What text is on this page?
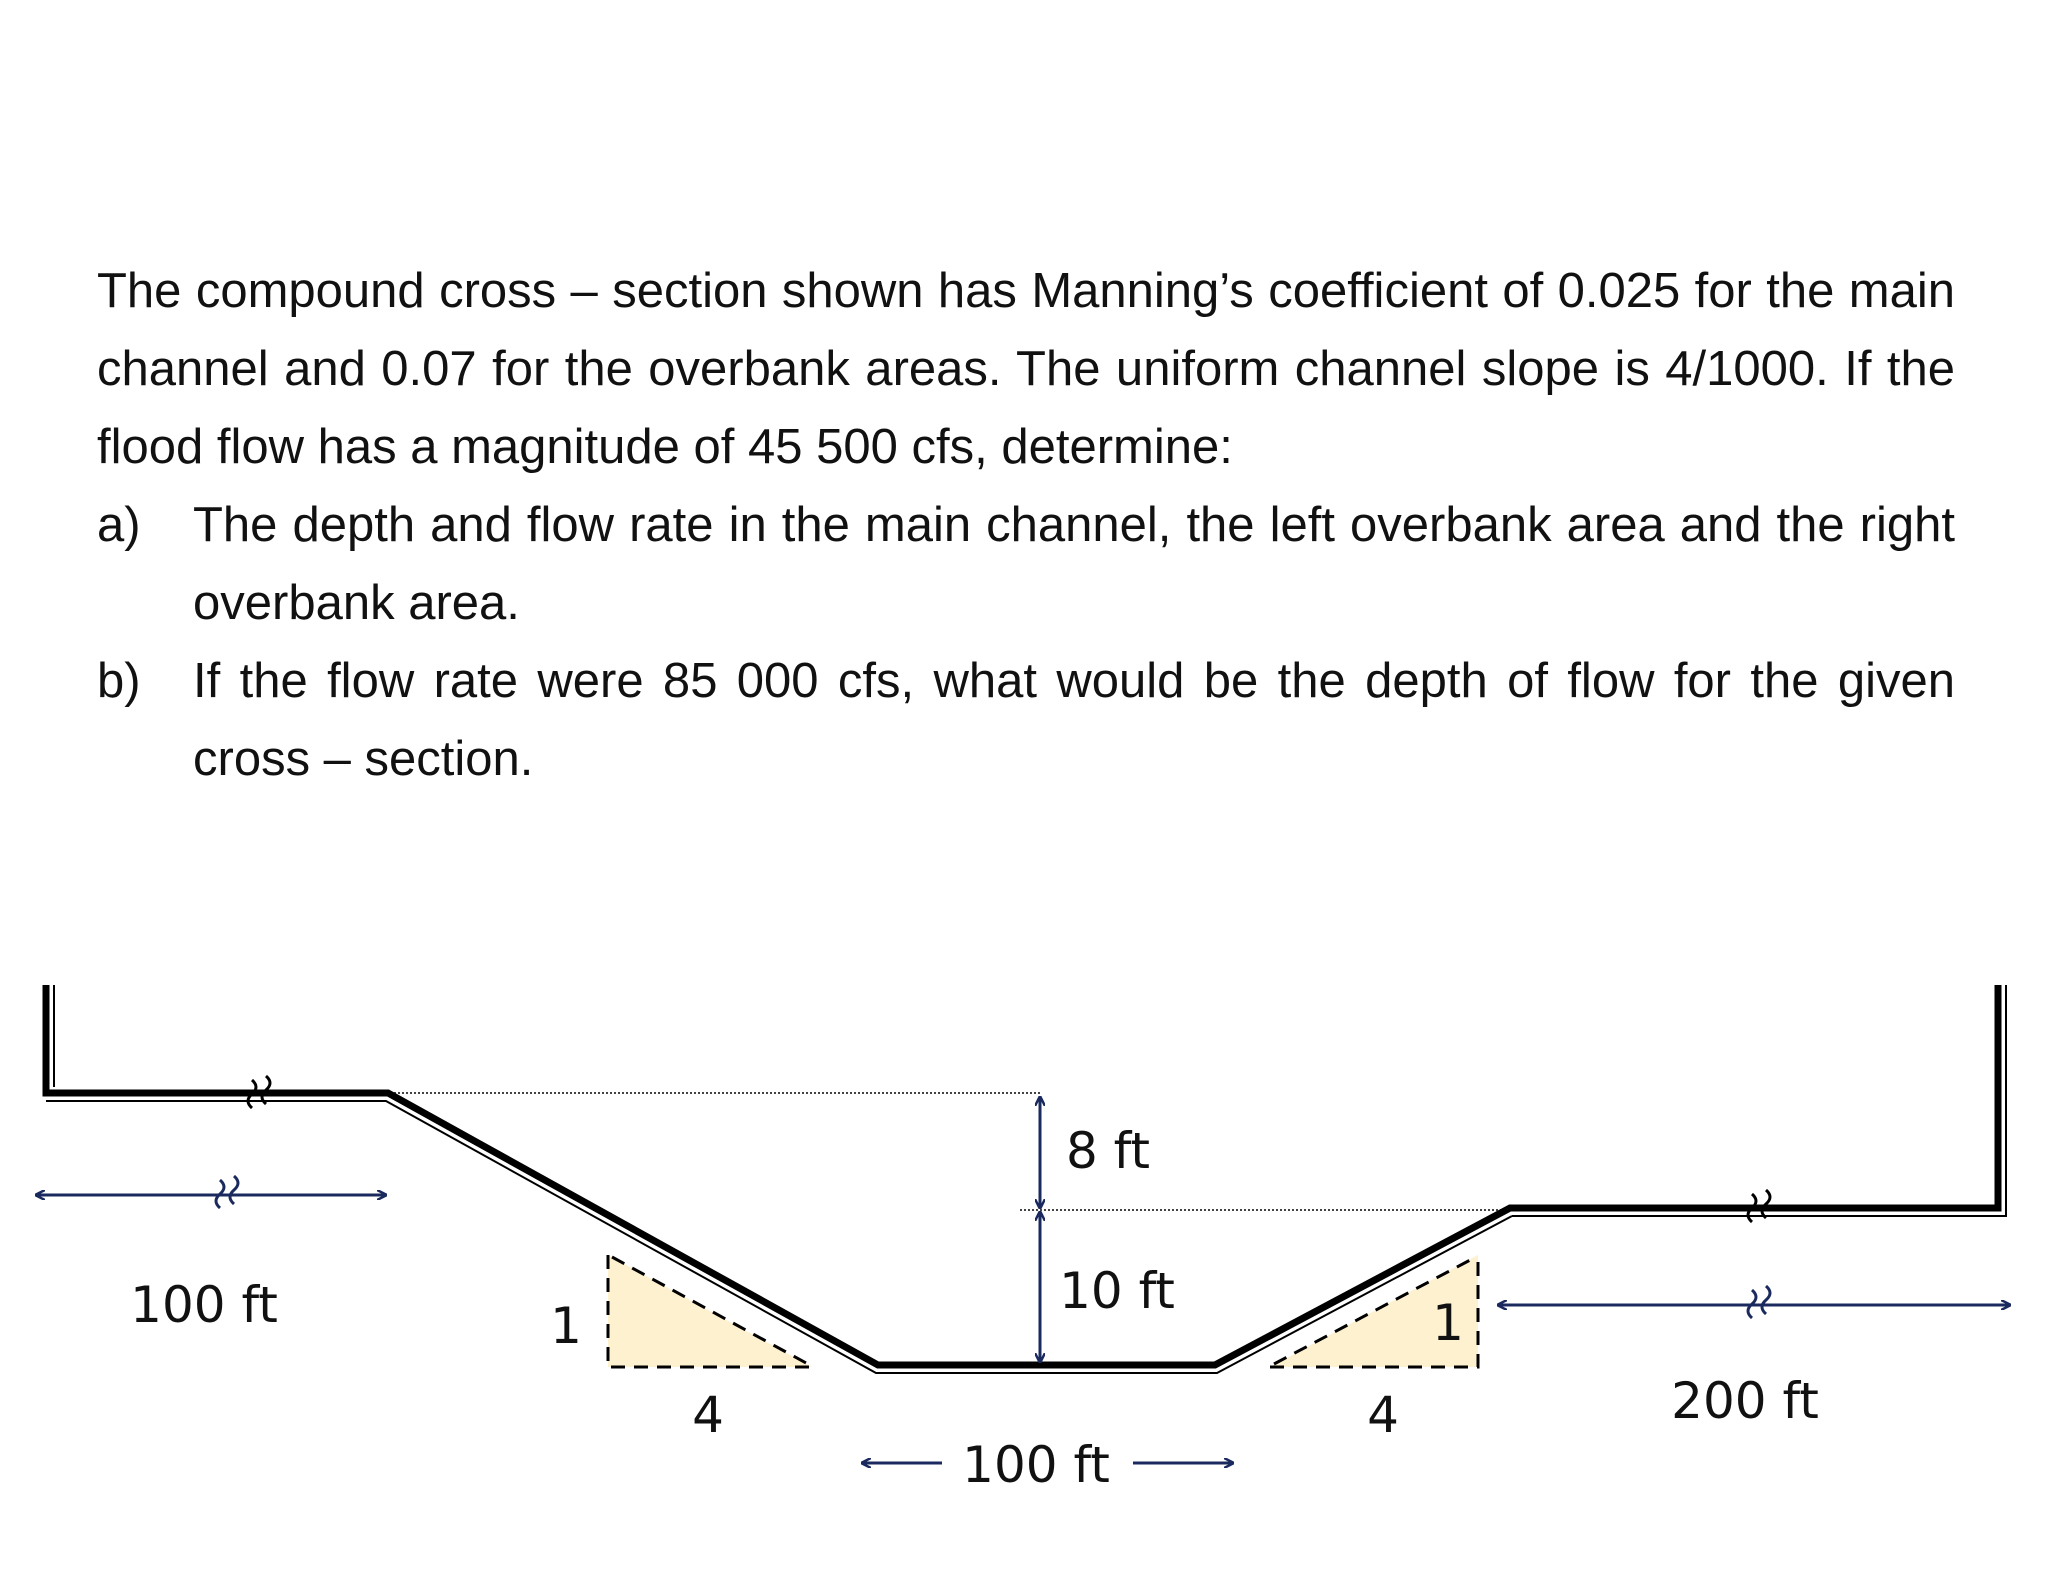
The compound cross – section shown has Manning’s coefficient of 0.025 for the main channel and 0.07 for the overbank areas. The uniform channel slope is 4/1000. If the flood flow has a magnitude of 45 500 cfs, determine:

a) The depth and flow rate in the main channel, the left overbank area and the right overbank area.

b) If the flow rate were 85 000 cfs, what would be the depth of flow for the given cross – section.

100 ft
200 ft
8 ft
10 ft
100 ft
1
4
1
4
